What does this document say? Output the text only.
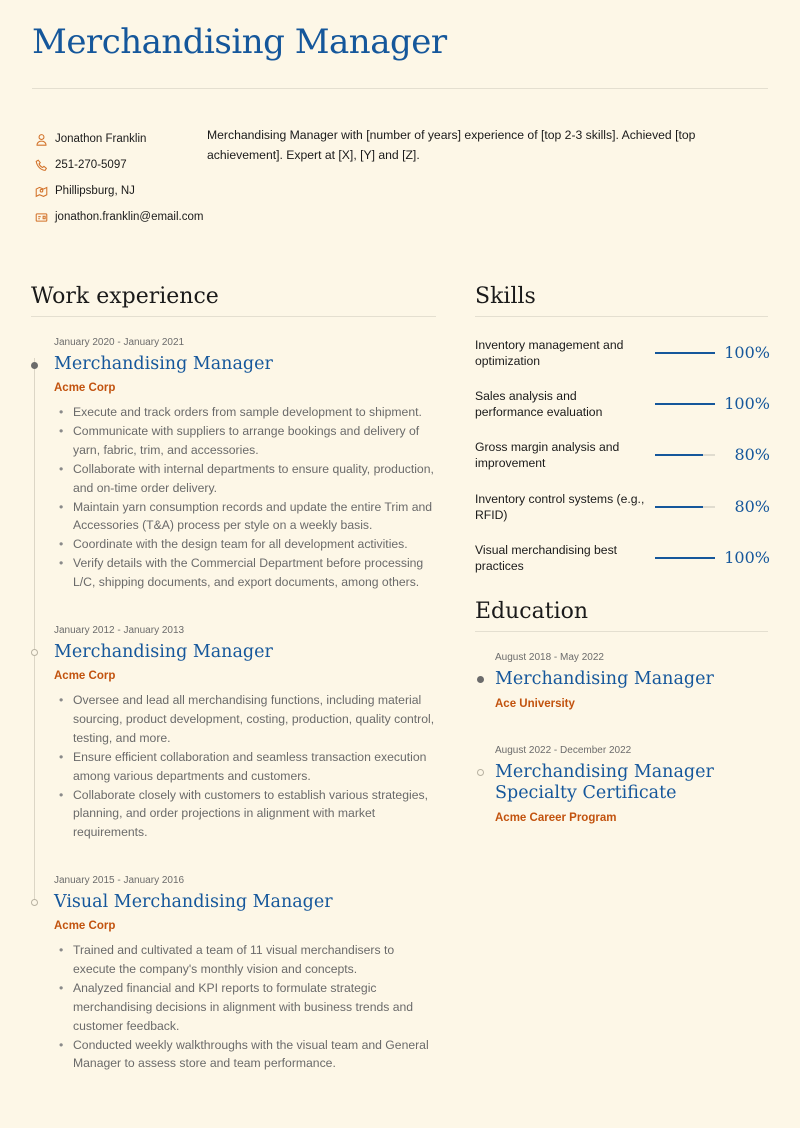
Merchandising Manager
Jonathon Franklin
251-270-5097
Phillipsburg, NJ
jonathon.franklin@email.com

Merchandising Manager with [number of years] experience of [top 2-3 skills]. Achieved [top achievement]. Expert at [X], [Y] and [Z].

Work experience
January 2020 - January 2021
Merchandising Manager
Acme Corp
• Execute and track orders from sample development to shipment.
• Communicate with suppliers to arrange bookings and delivery of yarn, fabric, trim, and accessories.
• Collaborate with internal departments to ensure quality, production, and on-time order delivery.
• Maintain yarn consumption records and update the entire Trim and Accessories (T&A) process per style on a weekly basis.
• Coordinate with the design team for all development activities.
• Verify details with the Commercial Department before processing L/C, shipping documents, and export documents, among others.
January 2012 - January 2013
Merchandising Manager
Acme Corp
• Oversee and lead all merchandising functions, including material sourcing, product development, costing, production, quality control, testing, and more.
• Ensure efficient collaboration and seamless transaction execution among various departments and customers.
• Collaborate closely with customers to establish various strategies, planning, and order projections in alignment with market requirements.
January 2015 - January 2016
Visual Merchandising Manager
Acme Corp
• Trained and cultivated a team of 11 visual merchandisers to execute the company's monthly vision and concepts.
• Analyzed financial and KPI reports to formulate strategic merchandising decisions in alignment with business trends and customer feedback.
• Conducted weekly walkthroughs with the visual team and General Manager to assess store and team performance.
Skills
Inventory management and optimization	100%
Sales analysis and performance evaluation	100%
Gross margin analysis and improvement	80%
Inventory control systems (e.g., RFID)	80%
Visual merchandising best practices	100%
Education
August 2018 - May 2022
Merchandising Manager
Ace University
August 2022 - December 2022
Merchandising Manager Specialty Certificate
Acme Career Program
